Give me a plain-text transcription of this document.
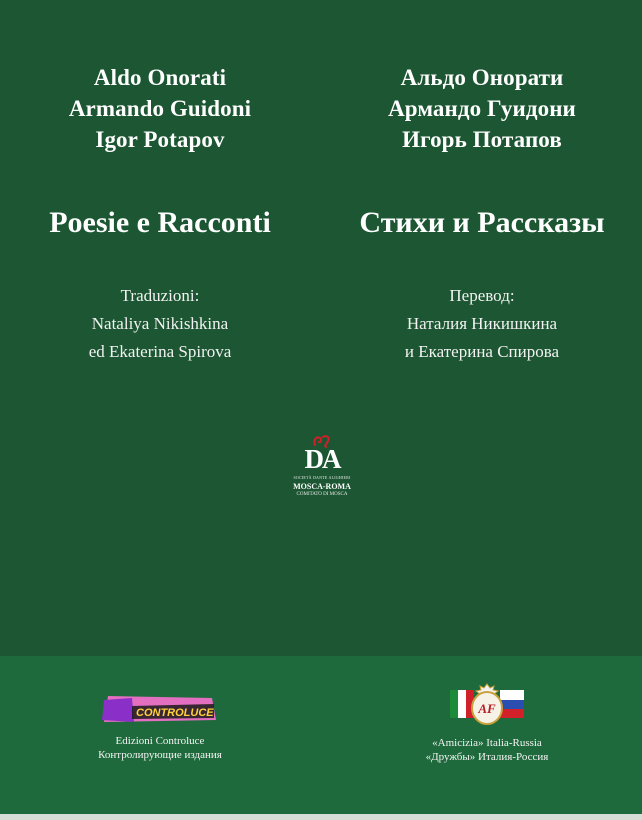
Aldo Onorati
Armando Guidoni
Igor Potapov
Альдо Онорати
Армандо Гуидони
Игорь Потапов
Poesie e Racconti	Стихи и Рассказы
Traduzioni:
Nataliya Nikishkina
ed Ekaterina Spirova
Перевод:
Наталия Никишкина
и Екатерина Спирова
DA
SOCIETÀ DANTE ALIGHIERI
MOSCA-ROMA
COMITATO DI MOSCA
CONTROLUCE
Edizioni Controluce
Контролирующие издания
AF
«Amicizia» Italia-Russia
«Дружбы» Италия-Россия
